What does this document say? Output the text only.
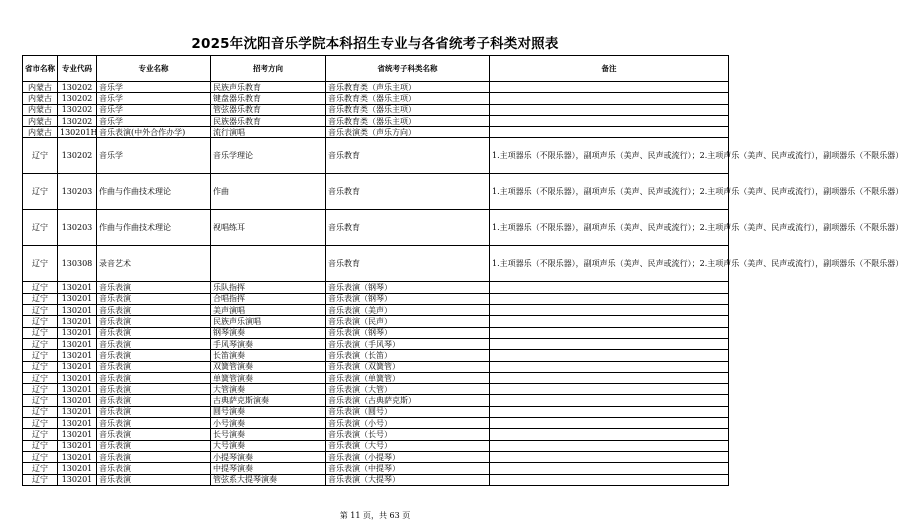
2025年沈阳音乐学院本科招生专业与各省统考子科类对照表
省市名称	专业代码	专业名称	招考方向	省统考子科类名称	备注
内蒙古	130202	音乐学	民族声乐教育	音乐教育类（声乐主项）	
内蒙古	130202	音乐学	键盘器乐教育	音乐教育类（器乐主项）	
内蒙古	130202	音乐学	管弦器乐教育	音乐教育类（器乐主项）	
内蒙古	130202	音乐学	民族器乐教育	音乐教育类（器乐主项）	
内蒙古	130201H	音乐表演(中外合作办学)	流行演唱	音乐表演类（声乐方向）	
辽宁	130202	音乐学	音乐学理论	音乐教育	1.主项器乐（不限乐器），副项声乐（美声、民声或流行）；2.主项声乐（美声、民声或流行），副项器乐（不限乐器）
辽宁	130203	作曲与作曲技术理论	作曲	音乐教育	1.主项器乐（不限乐器），副项声乐（美声、民声或流行）；2.主项声乐（美声、民声或流行），副项器乐（不限乐器）
辽宁	130203	作曲与作曲技术理论	视唱练耳	音乐教育	1.主项器乐（不限乐器），副项声乐（美声、民声或流行）；2.主项声乐（美声、民声或流行），副项器乐（不限乐器）
辽宁	130308	录音艺术		音乐教育	1.主项器乐（不限乐器），副项声乐（美声、民声或流行）；2.主项声乐（美声、民声或流行），副项器乐（不限乐器）
辽宁	130201	音乐表演	乐队指挥	音乐表演（钢琴）	
辽宁	130201	音乐表演	合唱指挥	音乐表演（钢琴）	
辽宁	130201	音乐表演	美声演唱	音乐表演（美声）	
辽宁	130201	音乐表演	民族声乐演唱	音乐表演（民声）	
辽宁	130201	音乐表演	钢琴演奏	音乐表演（钢琴）	
辽宁	130201	音乐表演	手风琴演奏	音乐表演（手风琴）	
辽宁	130201	音乐表演	长笛演奏	音乐表演（长笛）	
辽宁	130201	音乐表演	双簧管演奏	音乐表演（双簧管）	
辽宁	130201	音乐表演	单簧管演奏	音乐表演（单簧管）	
辽宁	130201	音乐表演	大管演奏	音乐表演（大管）	
辽宁	130201	音乐表演	古典萨克斯演奏	音乐表演（古典萨克斯）	
辽宁	130201	音乐表演	圆号演奏	音乐表演（圆号）	
辽宁	130201	音乐表演	小号演奏	音乐表演（小号）	
辽宁	130201	音乐表演	长号演奏	音乐表演（长号）	
辽宁	130201	音乐表演	大号演奏	音乐表演（大号）	
辽宁	130201	音乐表演	小提琴演奏	音乐表演（小提琴）	
辽宁	130201	音乐表演	中提琴演奏	音乐表演（中提琴）	
辽宁	130201	音乐表演	管弦系大提琴演奏	音乐表演（大提琴）	
第 11 页，共 63 页
